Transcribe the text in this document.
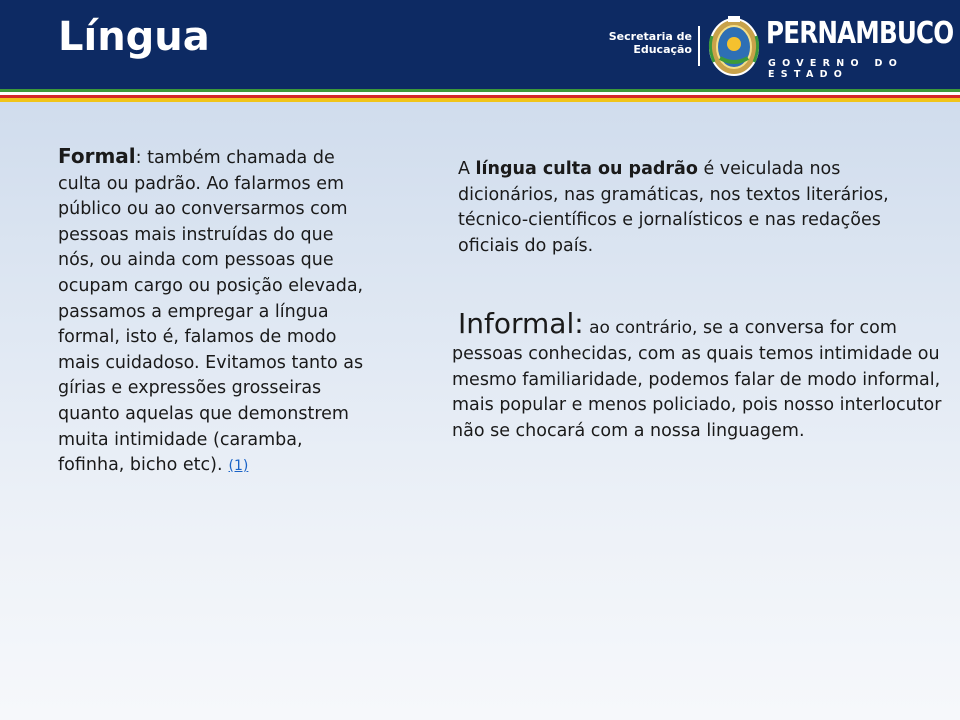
Língua	Secretaria de
Educação PERNAMBUCO
GOVERNO DO ESTADO
Formal: também chamada de culta ou padrão. Ao falarmos em público ou ao conversarmos com pessoas mais instruídas do que nós, ou ainda com pessoas que ocupam cargo ou posição elevada, passamos a empregar a língua formal, isto é, falamos de modo mais cuidadoso. Evitamos tanto as gírias e expressões grosseiras quanto aquelas que demonstrem muita intimidade (caramba, fofinha, bicho etc). (1)

A língua culta ou padrão é veiculada nos dicionários, nas gramáticas, nos textos literários, técnico-científicos e jornalísticos e nas redações oficiais do país.

Informal: ao contrário, se a conversa for com pessoas conhecidas, com as quais temos intimidade ou mesmo familiaridade, podemos falar de modo informal, mais popular e menos policiado, pois nosso interlocutor não se chocará com a nossa linguagem.
